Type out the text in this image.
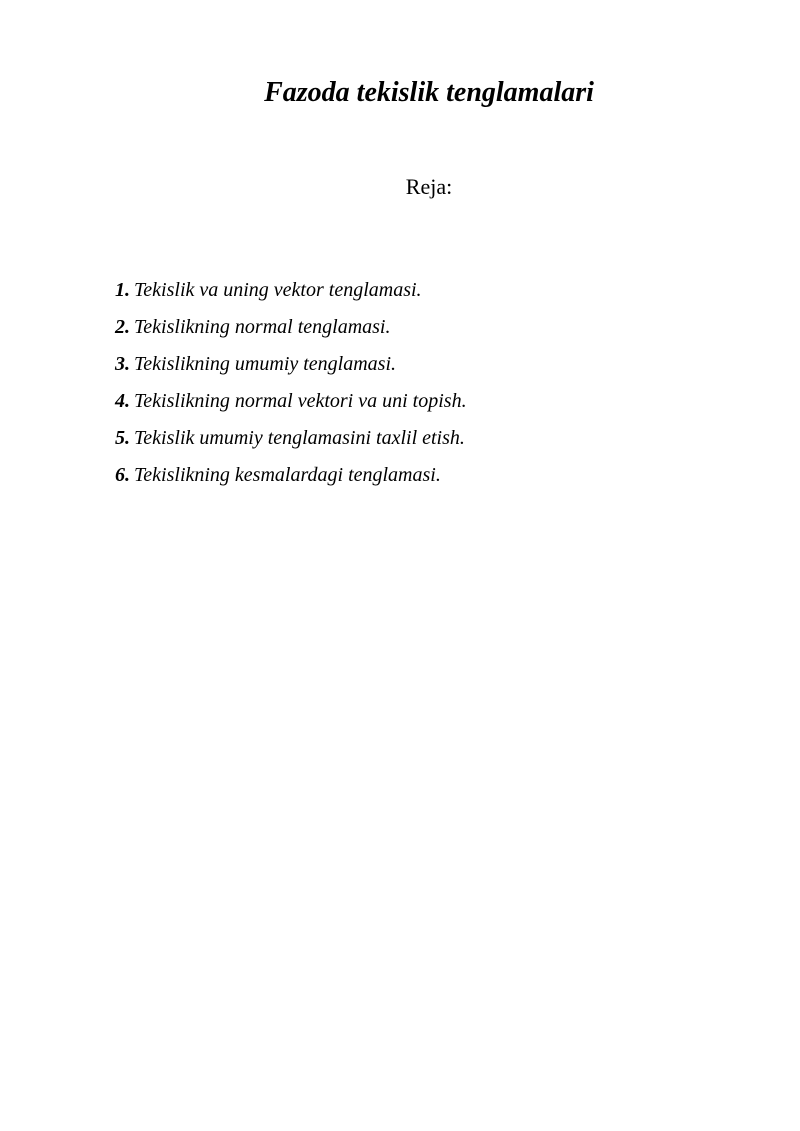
Fazoda tekislik tenglamalari
Reja:
1. Tekislik va uning vektor tenglamasi.
2. Tekislikning normal tenglamasi.
3. Tekislikning umumiy tenglamasi.
4. Tekislikning normal vektori va uni topish.
5. Tekislik umumiy tenglamasini taxlil etish.
6. Tekislikning kesmalardagi tenglamasi.
